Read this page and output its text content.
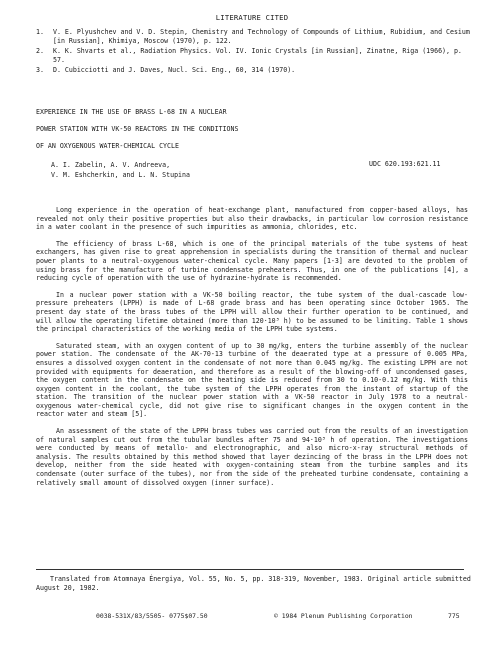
LITERATURE CITED
1.	V. E. Plyushchev and V. D. Stepin, Chemistry and Technology of Compounds of Lithium, Rubidium, and Cesium [in Russian], Khimiya, Moscow (1970), p. 122.
2.	K. K. Shvarts et al., Radiation Physics. Vol. IV. Ionic Crystals [in Russian], Zinatne, Riga (1966), p. 57.
3.	D. Cubicciotti and J. Daves, Nucl. Sci. Eng., 60, 314 (1970).
EXPERIENCE IN THE USE OF BRASS L-68 IN A NUCLEAR
POWER STATION WITH VK-50 REACTORS IN THE CONDITIONS
OF AN OXYGENOUS WATER-CHEMICAL CYCLE
A. I. Zabelin, A. V. Andreeva,
V. M. Eshcherkin, and L. N. Stupina
UDC 620.193:621.11

Long experience in the operation of heat-exchange plant, manufactured from copper-based alloys, has revealed not only their positive properties but also their drawbacks, in particular low corrosion resistance in a water coolant in the presence of such impurities as ammonia, chlorides, etc.

The efficiency of brass L-68, which is one of the principal materials of the tube systems of heat exchangers, has given rise to great apprehension in specialists during the transition of thermal and nuclear power plants to a neutral-oxygenous water-chemical cycle. Many papers [1-3] are devoted to the problem of using brass for the manufacture of turbine condensate preheaters. Thus, in one of the publications [4], a reducing cycle of operation with the use of hydrazine-hydrate is recommended.

In a nuclear power station with a VK-50 boiling reactor, the tube system of the dual-cascade low-pressure preheaters (LPPH) is made of L-68 grade brass and has been operating since October 1965. The present day state of the brass tubes of the LPPH will allow their further operation to be continued, and will allow the operating lifetime obtained (more than 120·10³ h) to be assumed to be limiting. Table 1 shows the principal characteristics of the working media of the LPPH tube systems.

Saturated steam, with an oxygen content of up to 30 mg/kg, enters the turbine assembly of the nuclear power station. The condensate of the AK-70-13 turbine of the deaerated type at a pressure of 0.005 MPa, ensures a dissolved oxygen content in the condensate of not more than 0.045 mg/kg. The existing LPPH are not provided with equipments for deaeration, and therefore as a result of the blowing-off of uncondensed gases, the oxygen content in the condensate on the heating side is reduced from 30 to 0.10-0.12 mg/kg. With this oxygen content in the coolant, the tube system of the LPPH operates from the instant of startup of the station. The transition of the nuclear power station with a VK-50 reactor in July 1978 to a neutral-oxygenous water-chemical cycle, did not give rise to significant changes in the oxygen content in the reactor water and steam [5].

An assessment of the state of the LPPH brass tubes was carried out from the results of an investigation of natural samples cut out from the tubular bundles after 75 and 94·10³ h of operation. The investigations were conducted by means of metallo- and electronographic, and also micro-x-ray structural methods of analysis. The results obtained by this method showed that layer dezincing of the brass in the LPPH does not develop, neither from the side heated with oxygen-containing steam from the turbine samples and its condensate (outer surface of the tubes), nor from the side of the preheated turbine condensate, containing a relatively small amount of dissolved oxygen (inner surface).

Translated from Atomnaya Énergiya, Vol. 55, No. 5, pp. 318-319, November, 1983. Original article submitted August 20, 1982.
0038-531X/83/5505- 0775$07.50	© 1984 Plenum Publishing Corporation	775
